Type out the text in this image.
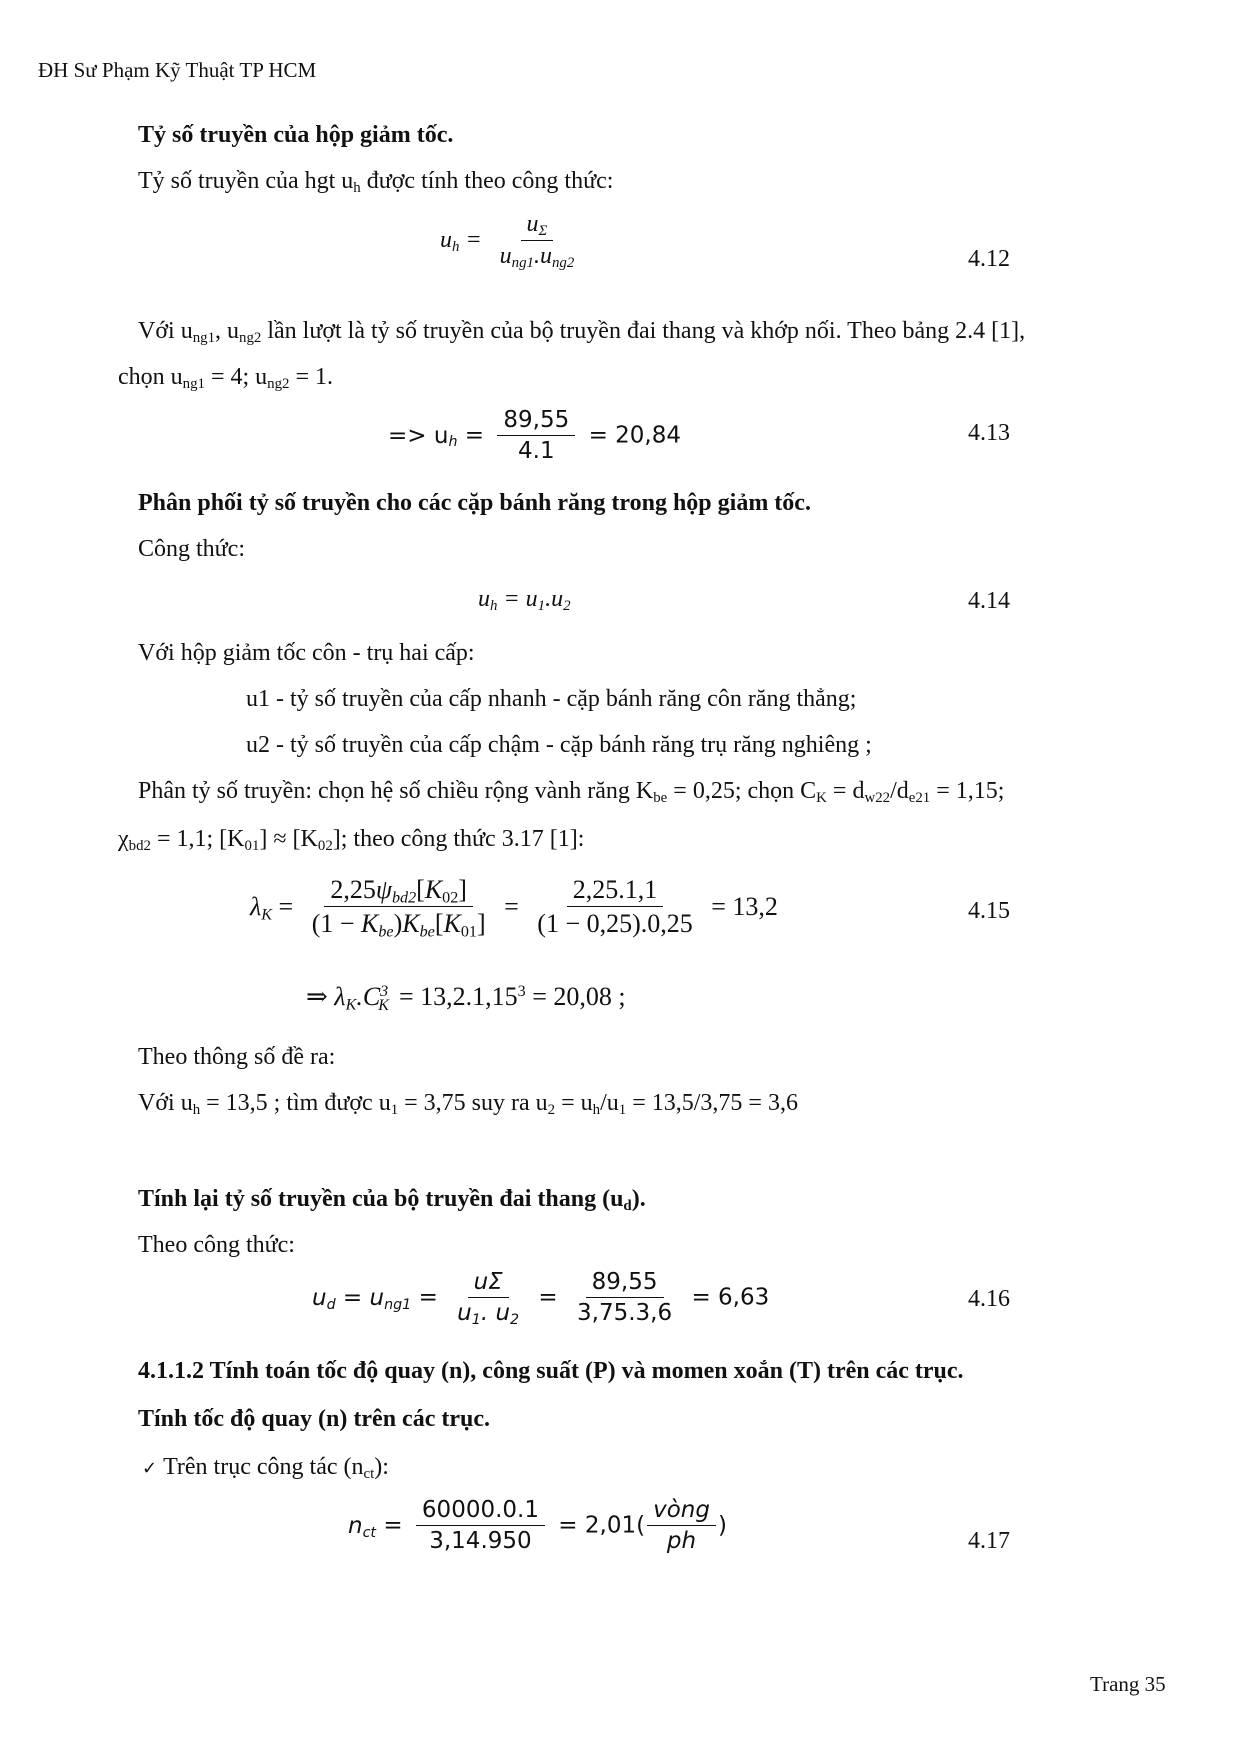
ĐH Sư Phạm Kỹ Thuật TP HCM
Tỷ số truyền của hộp giảm tốc.
Tỷ số truyền của hgt $u_h$ được tính theo công thức:
$u_h = \frac{u_\Sigma}{u_{ng1}.u_{ng2}}$	4.12
Với $u_{ng1}$, $u_{ng2}$ lần lượt là tỷ số truyền của bộ truyền đai thang và khớp nối. Theo bảng 2.4 [1],
chọn $u_{ng1} = 4$; $u_{ng2} = 1$.
=> $u_h = \frac{89,55}{4.1} = 20,84$	4.13
Phân phối tỷ số truyền cho các cặp bánh răng trong hộp giảm tốc.
Công thức:
$u_h = u_1.u_2$	4.14
Với hộp giảm tốc côn - trụ hai cấp:
u1 - tỷ số truyền của cấp nhanh - cặp bánh răng côn răng thẳng;
u2 - tỷ số truyền của cấp chậm - cặp bánh răng trụ răng nghiêng ;
Phân tỷ số truyền: chọn hệ số chiều rộng vành răng $K_{be} = 0,25$; chọn $C_K = d_{w22}/d_{e21} = 1,15$;
$\chi_{bd2} = 1,1$; $[K_{01}] \approx [K_{02}]$; theo công thức 3.17 [1]:
$\lambda_K = \frac{2,25\psi_{bd2}[K_{02}]}{(1 - K_{be})K_{be}[K_{01}]} = \frac{2,25.1,1}{(1 - 0,25).0,25} = 13,2$	4.15
⇒ $\lambda_K.C^3_K = 13,2.1,15^3 = 20,08$ ;
Theo thông số đề ra:
Với $u_h = 13,5$ ; tìm được $u_1 = 3,75$ suy ra $u_2 = u_h/u_1 = 13,5/3,75 = 3,6$
Tính lại tỷ số truyền của bộ truyền đai thang $(u_d)$.
Theo công thức:
$u_d = u_{ng1} = \frac{u\Sigma}{u_1. u_2} = \frac{89,55}{3,75.3,6} = 6,63$	4.16
4.1.1.2 Tính toán tốc độ quay (n), công suất (P) và momen xoắn (T) trên các trục.
Tính tốc độ quay (n) trên các trục.
✓ Trên trục công tác $(n_{ct})$:
$n_{ct} = \frac{60000.0.1}{3,14.950} = 2,01( \frac{\text{vòng}}{ph}$ )
4.17
Trang 35
